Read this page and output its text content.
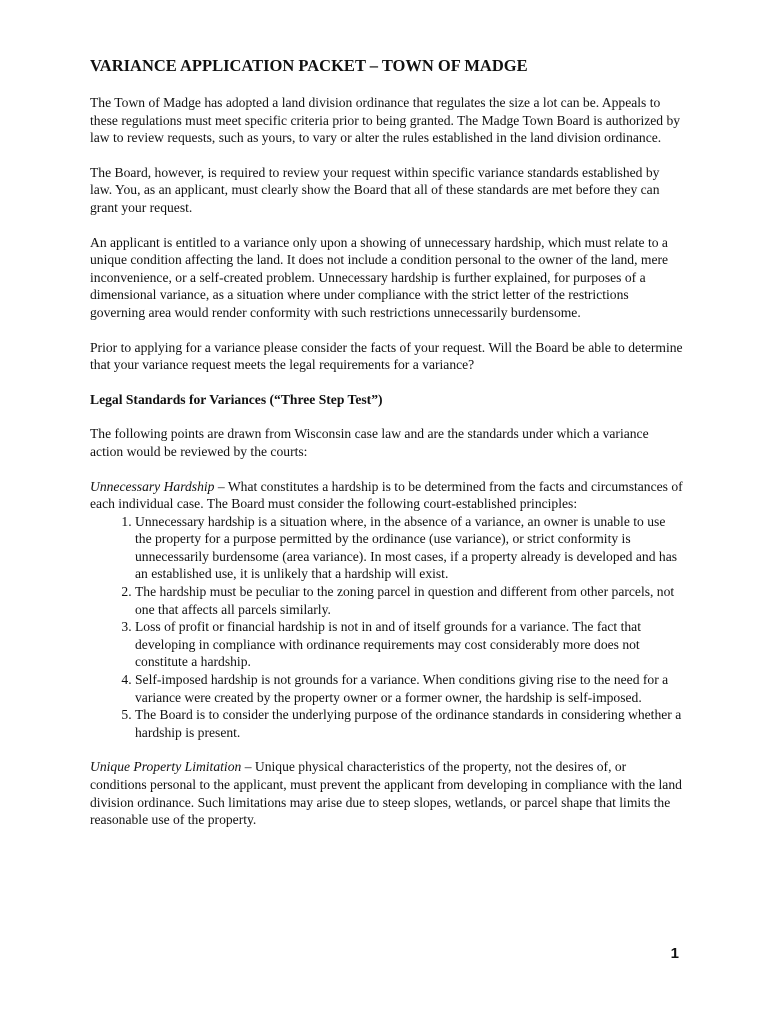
VARIANCE APPLICATION PACKET – TOWN OF MADGE

The Town of Madge has adopted a land division ordinance that regulates the size a lot can be. Appeals to these regulations must meet specific criteria prior to being granted. The Madge Town Board is authorized by law to review requests, such as yours, to vary or alter the rules established in the land division ordinance.

The Board, however, is required to review your request within specific variance standards established by law. You, as an applicant, must clearly show the Board that all of these standards are met before they can grant your request.

An applicant is entitled to a variance only upon a showing of unnecessary hardship, which must relate to a unique condition affecting the land. It does not include a condition personal to the owner of the land, mere inconvenience, or a self-created problem. Unnecessary hardship is further explained, for purposes of a dimensional variance, as a situation where under compliance with the strict letter of the restrictions governing area would render conformity with such restrictions unnecessarily burdensome.

Prior to applying for a variance please consider the facts of your request. Will the Board be able to determine that your variance request meets the legal requirements for a variance?

Legal Standards for Variances (“Three Step Test”)

The following points are drawn from Wisconsin case law and are the standards under which a variance action would be reviewed by the courts:

Unnecessary Hardship – What constitutes a hardship is to be determined from the facts and circumstances of each individual case. The Board must consider the following court-established principles:
1. Unnecessary hardship is a situation where, in the absence of a variance, an owner is unable to use the property for a purpose permitted by the ordinance (use variance), or strict conformity is unnecessarily burdensome (area variance). In most cases, if a property already is developed and has an established use, it is unlikely that a hardship will exist.
2. The hardship must be peculiar to the zoning parcel in question and different from other parcels, not one that affects all parcels similarly.
3. Loss of profit or financial hardship is not in and of itself grounds for a variance. The fact that developing in compliance with ordinance requirements may cost considerably more does not constitute a hardship.
4. Self-imposed hardship is not grounds for a variance. When conditions giving rise to the need for a variance were created by the property owner or a former owner, the hardship is self-imposed.
5. The Board is to consider the underlying purpose of the ordinance standards in considering whether a hardship is present.

Unique Property Limitation – Unique physical characteristics of the property, not the desires of, or conditions personal to the applicant, must prevent the applicant from developing in compliance with the land division ordinance. Such limitations may arise due to steep slopes, wetlands, or parcel shape that limits the reasonable use of the property.

1
